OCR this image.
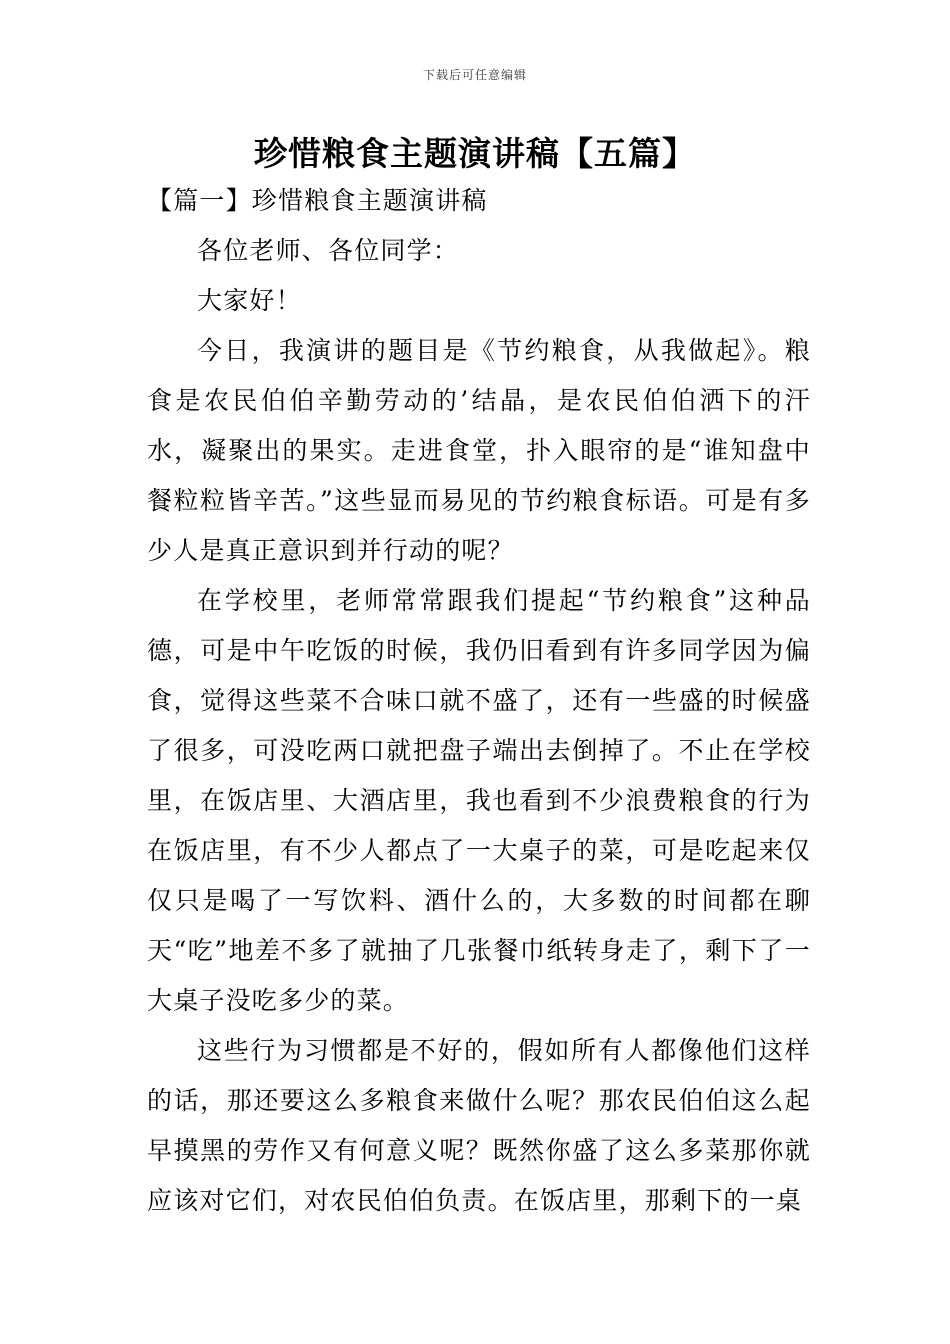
下载后可任意编辑
珍惜粮食主题演讲稿【五篇】
【篇一】珍惜粮食主题演讲稿

各位老师、各位同学：

大家好！

今日，我演讲的题目是《节约粮食，从我做起》。粮食是农民伯伯辛勤劳动的’结晶，是农民伯伯洒下的汗水，凝聚出的果实。走进食堂，扑入眼帘的是“谁知盘中餐粒粒皆辛苦。”这些显而易见的节约粮食标语。可是有多少人是真正意识到并行动的呢？

在学校里，老师常常跟我们提起“节约粮食”这种品德，可是中午吃饭的时候，我仍旧看到有许多同学因为偏食，觉得这些菜不合味口就不盛了，还有一些盛的时候盛了很多，可没吃两口就把盘子端出去倒掉了。不止在学校里，在饭店里、大酒店里，我也看到不少浪费粮食的行为在饭店里，有不少人都点了一大桌子的菜，可是吃起来仅仅只是喝了一写饮料、酒什么的，大多数的时间都在聊天“吃”地差不多了就抽了几张餐巾纸转身走了，剩下了一大桌子没吃多少的菜。

这些行为习惯都是不好的，假如所有人都像他们这样的话，那还要这么多粮食来做什么呢？那农民伯伯这么起早摸黑的劳作又有何意义呢？既然你盛了这么多菜那你就应该对它们，对农民伯伯负责。在饭店里，那剩下的一桌
